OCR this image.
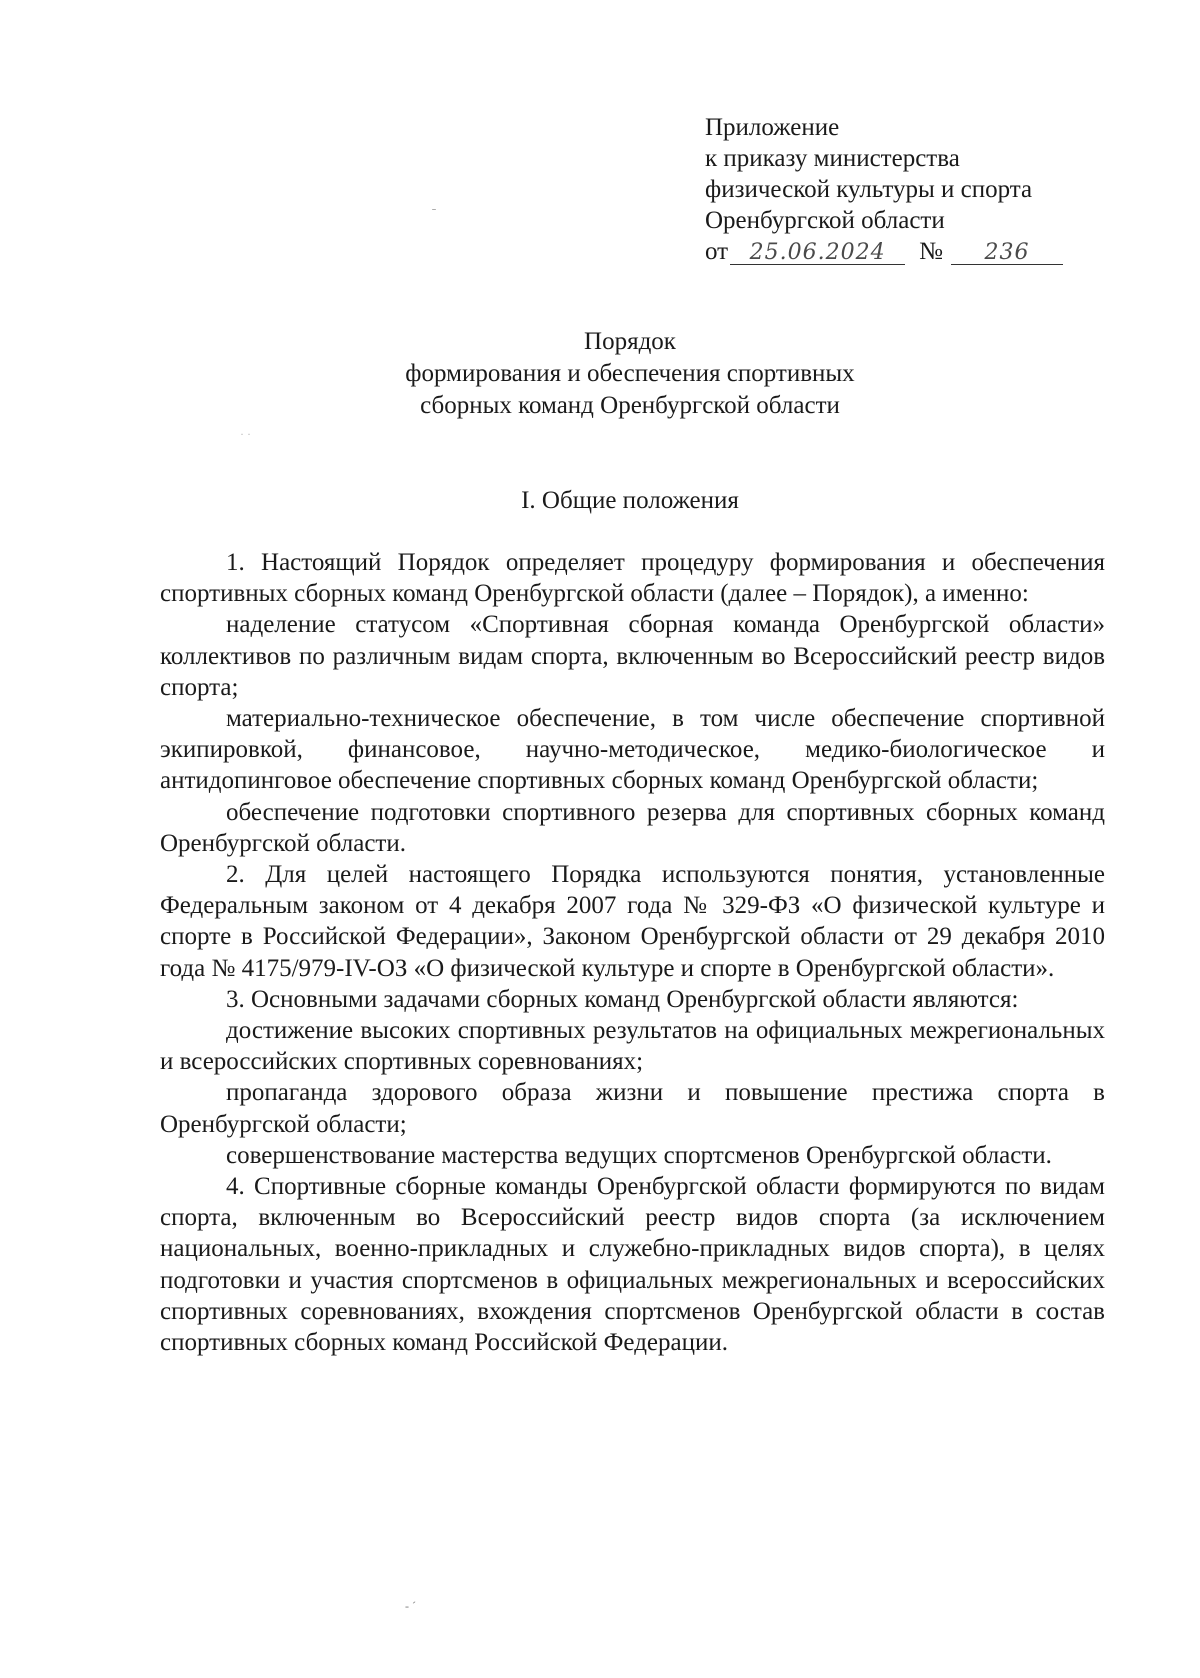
Приложение
к приказу министерства
физической культуры и спорта
Оренбургской области
от 25.06.2024	№	236
ˉ
· ·
- ˊ
Порядок
формирования и обеспечения спортивных
сборных команд Оренбургской области
I. Общие положения

1. Настоящий Порядок определяет процедуру формирования и обеспечения спортивных сборных команд Оренбургской области (далее – Порядок), а именно:

наделение статусом «Спортивная сборная команда Оренбургской области» коллективов по различным видам спорта, включенным во Всероссийский реестр видов спорта;

материально-техническое обеспечение, в том числе обеспечение спортивной экипировкой, финансовое, научно-методическое, медико-биологическое и антидопинговое обеспечение спортивных сборных команд Оренбургской области;

обеспечение подготовки спортивного резерва для спортивных сборных команд Оренбургской области.

2. Для целей настоящего Порядка используются понятия, установленные Федеральным законом от 4 декабря 2007 года № 329-ФЗ «О физической культуре и спорте в Российской Федерации», Законом Оренбургской области от 29 декабря 2010 года № 4175/979-IV-ОЗ «О физической культуре и спорте в Оренбургской области».

3. Основными задачами сборных команд Оренбургской области являются:

достижение высоких спортивных результатов на официальных межрегиональных и всероссийских спортивных соревнованиях;

пропаганда здорового образа жизни и повышение престижа спорта в Оренбургской области;

совершенствование мастерства ведущих спортсменов Оренбургской области.

4. Спортивные сборные команды Оренбургской области формируются по видам спорта, включенным во Всероссийский реестр видов спорта (за исключением национальных, военно-прикладных и служебно-прикладных видов спорта), в целях подготовки и участия спортсменов в официальных межрегиональных и всероссийских спортивных соревнованиях, вхождения спортсменов Оренбургской области в состав спортивных сборных команд Российской Федерации.
